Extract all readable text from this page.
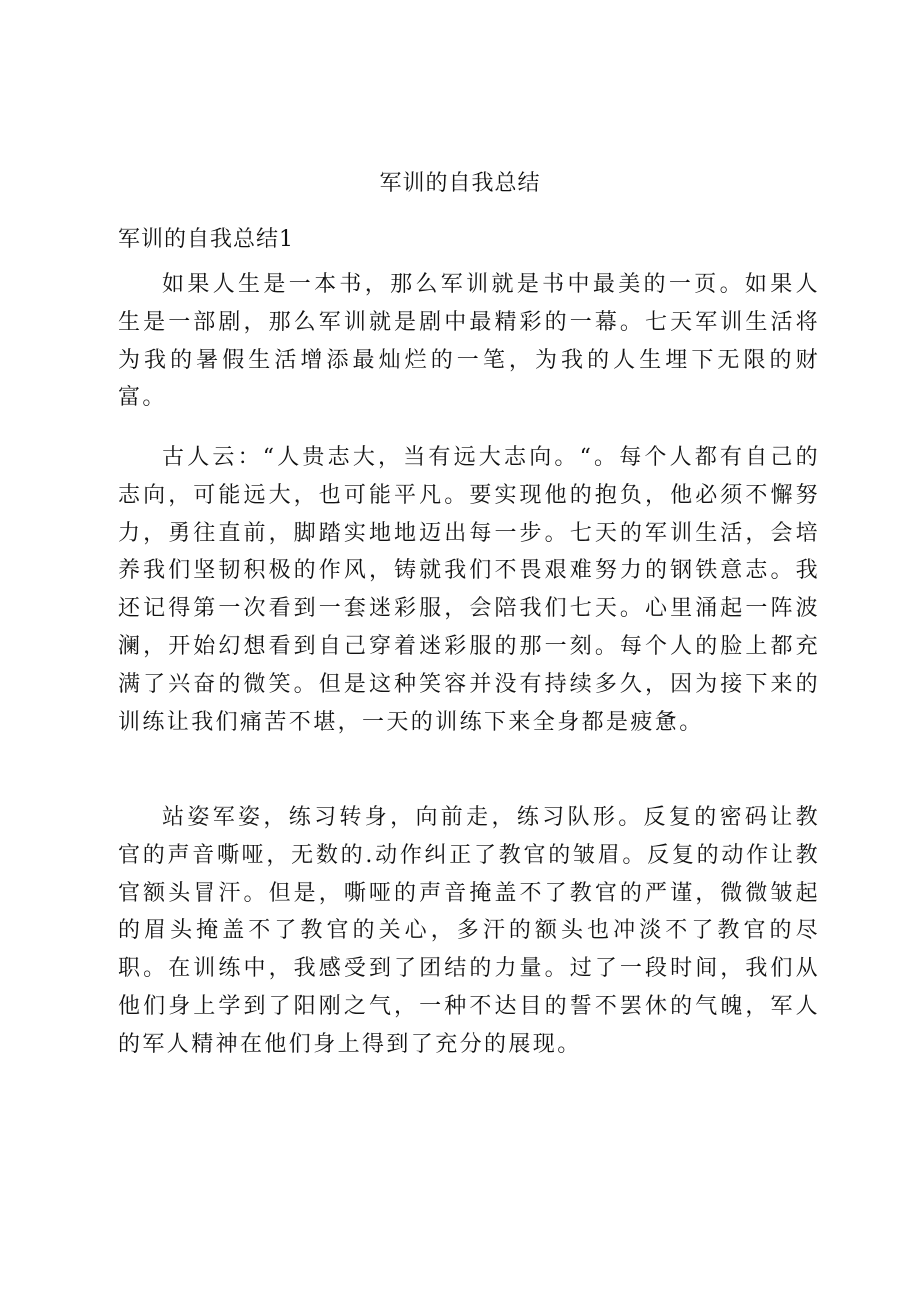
军训的自我总结
军训的自我总结1

如果人生是一本书，那么军训就是书中最美的一页。如果人生是一部剧，那么军训就是剧中最精彩的一幕。七天军训生活将为我的暑假生活增添最灿烂的一笔，为我的人生埋下无限的财富。

古人云：“人贵志大，当有远大志向。“。每个人都有自己的志向，可能远大，也可能平凡。要实现他的抱负，他必须不懈努力，勇往直前，脚踏实地地迈出每一步。七天的军训生活，会培养我们坚韧积极的作风，铸就我们不畏艰难努力的钢铁意志。我还记得第一次看到一套迷彩服，会陪我们七天。心里涌起一阵波澜，开始幻想看到自己穿着迷彩服的那一刻。每个人的脸上都充满了兴奋的微笑。但是这种笑容并没有持续多久，因为接下来的训练让我们痛苦不堪，一天的训练下来全身都是疲惫。

站姿军姿，练习转身，向前走，练习队形。反复的密码让教官的声音嘶哑，无数的.动作纠正了教官的皱眉。反复的动作让教官额头冒汗。但是，嘶哑的声音掩盖不了教官的严谨，微微皱起的眉头掩盖不了教官的关心，多汗的额头也冲淡不了教官的尽职。在训练中，我感受到了团结的力量。过了一段时间，我们从他们身上学到了阳刚之气，一种不达目的誓不罢休的气魄，军人的军人精神在他们身上得到了充分的展现。
